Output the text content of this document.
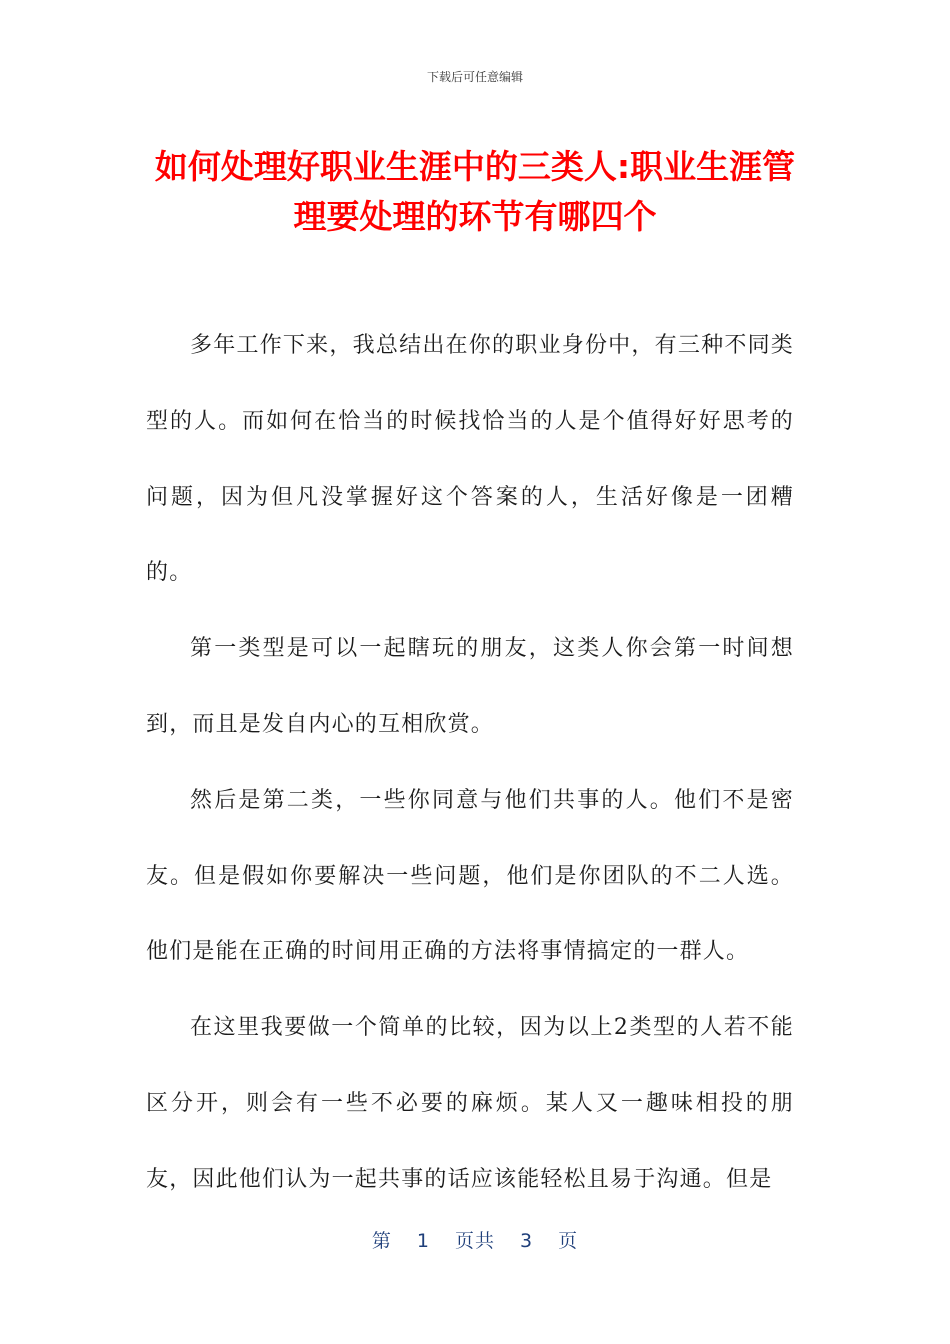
下载后可任意编辑
如何处理好职业生涯中的三类人:职业生涯管理要处理的环节有哪四个

多年工作下来，我总结出在你的职业身份中，有三种不同类型的人。而如何在恰当的时候找恰当的人是个值得好好思考的问题，因为但凡没掌握好这个答案的人，生活好像是一团糟的。

第一类型是可以一起瞎玩的朋友，这类人你会第一时间想到，而且是发自内心的互相欣赏。

然后是第二类，一些你同意与他们共事的人。他们不是密友。但是假如你要解决一些问题，他们是你团队的不二人选。他们是能在正确的时间用正确的方法将事情搞定的一群人。

在这里我要做一个简单的比较，因为以上2类型的人若不能区分开，则会有一些不必要的麻烦。某人又一趣味相投的朋友，因此他们认为一起共事的话应该能轻松且易于沟通。但是

第 1 页共 3 页
